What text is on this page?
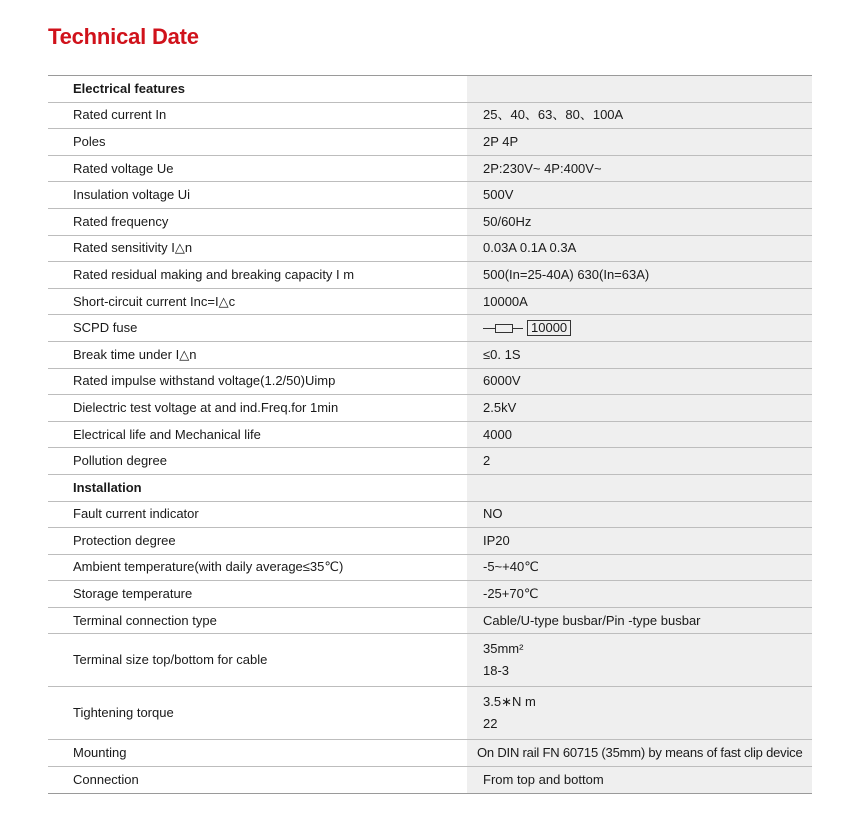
Technical Date
Electrical features	
Rated current In	25、40、63、80、100A
Poles	2P 4P
Rated voltage Ue	2P:230V~ 4P:400V~
Insulation voltage Ui	500V
Rated frequency	50/60Hz
Rated sensitivity I△n	0.03A 0.1A 0.3A
Rated residual making and breaking capacity I m	500(In=25-40A) 630(In=63A)
Short-circuit current Inc=I△c	10000A
SCPD fuse	10000

Break time under I△n	≤0. 1S
Rated impulse withstand voltage(1.2/50)Uimp	6000V
Dielectric test voltage at and ind.Freq.for 1min	2.5kV
Electrical life and Mechanical life	4000
Pollution degree	2
Installation	
Fault current indicator	NO
Protection degree	IP20
Ambient temperature(with daily average≤35℃)	-5~+40℃
Storage temperature	-25+70℃
Terminal connection type	Cable/U-type busbar/Pin -type busbar
Terminal size top/bottom for cable	35mm²
18-3

Tightening torque	3.5∗N m
22

Mounting	On DIN rail FN 60715 (35mm) by means of fast clip device
Connection	From top and bottom
